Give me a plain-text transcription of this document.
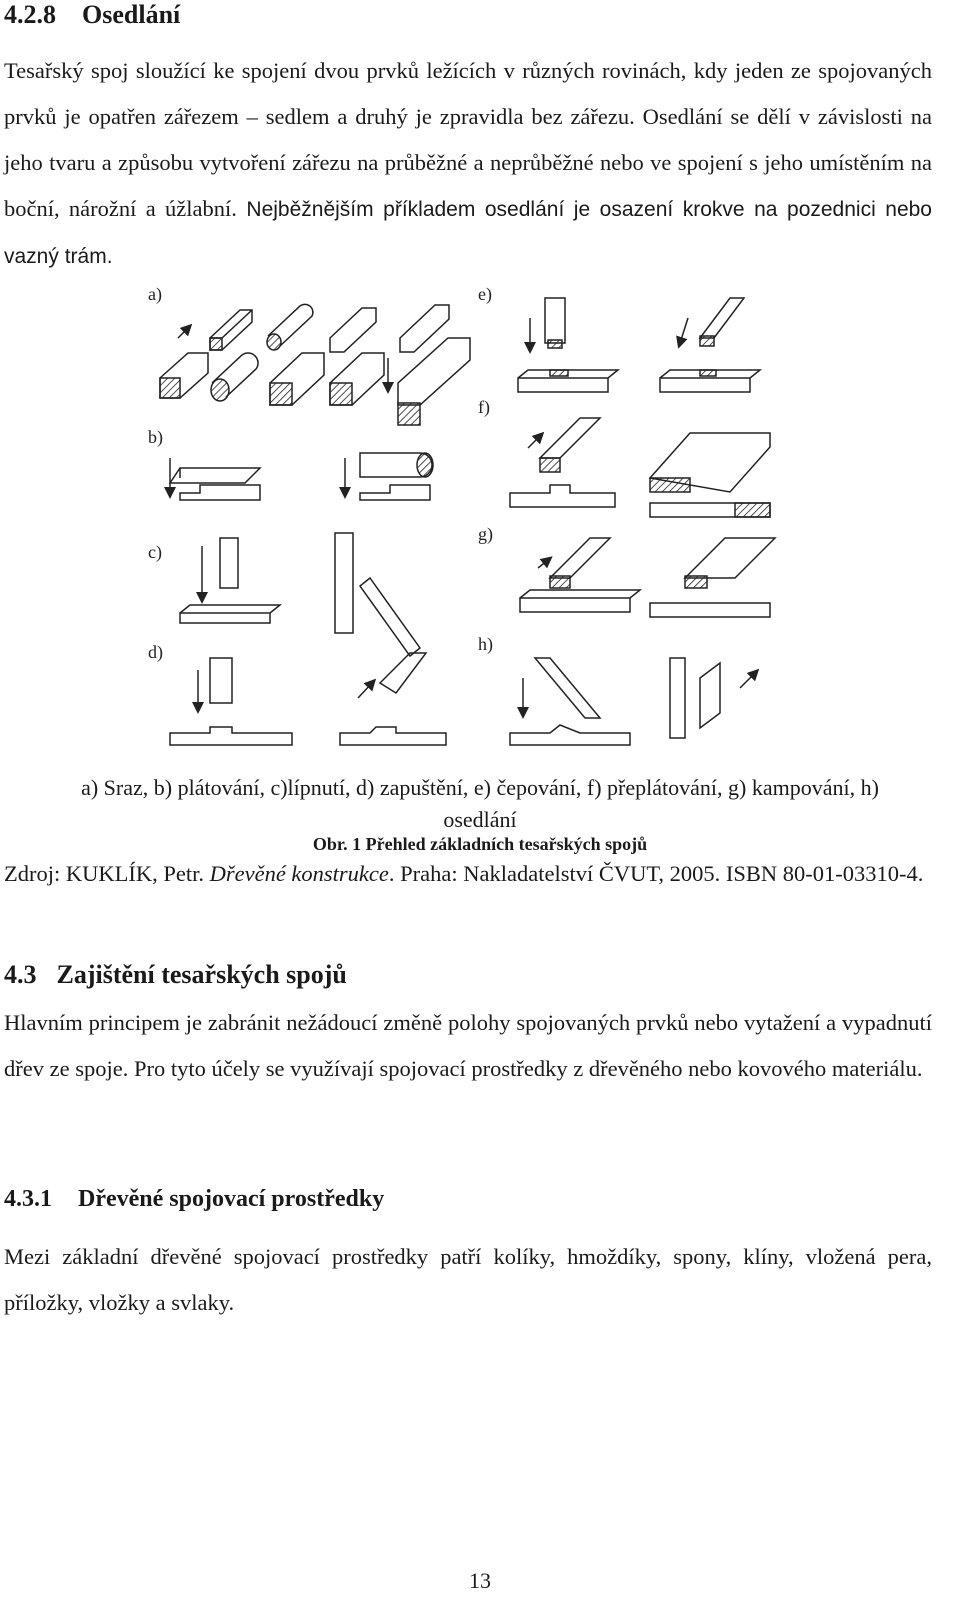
4.2.8 Osedlání

Tesařský spoj sloužící ke spojení dvou prvků ležících v různých rovinách, kdy jeden ze spojovaných prvků je opatřen zářezem – sedlem a druhý je zpravidla bez zářezu. Osedlání se dělí v závislosti na jeho tvaru a způsobu vytvoření zářezu na průběžné a neprůběžné nebo ve spojení s jeho umístěním na boční, nárožní a úžlabní. Nejběžnějším příkladem osedlání je osazení krokve na pozednici nebo vazný trám.

a)
b)
c)
d)
e)
f)
g)
h)

a) Sraz, b) plátování, c)lípnutí, d) zapuštění, e) čepování, f) přeplátování, g) kampování, h) osedlání

Obr. 1 Přehled základních tesařských spojů

Zdroj: KUKLÍK, Petr. Dřevěné konstrukce. Praha: Nakladatelství ČVUT, 2005. ISBN 80-01-03310-4.

4.3 Zajištění tesařských spojů

Hlavním principem je zabránit nežádoucí změně polohy spojovaných prvků nebo vytažení a vypadnutí dřev ze spoje. Pro tyto účely se využívají spojovací prostředky z dřevěného nebo kovového materiálu.

4.3.1 Dřevěné spojovací prostředky

Mezi základní dřevěné spojovací prostředky patří kolíky, hmoždíky, spony, klíny, vložená pera, příložky, vložky a svlaky.

13
